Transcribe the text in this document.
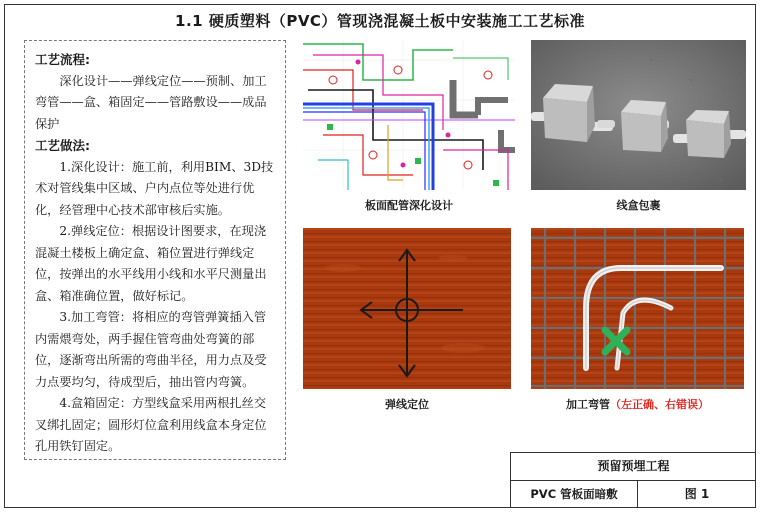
1.1 硬质塑料（PVC）管现浇混凝土板中安装施工工艺标准
工艺流程:

深化设计——弹线定位——预制、加工弯管——盒、箱固定——管路敷设——成品保护

工艺做法:

1.深化设计：施工前，利用BIM、3D技术对管线集中区域、户内点位等处进行优化，经管理中心技术部审核后实施。

2.弹线定位：根据设计图要求，在现浇混凝土楼板上确定盒、箱位置进行弹线定位，按弹出的水平线用小线和水平尺测量出盒、箱准确位置，做好标记。

3.加工弯管：将相应的弯管弹簧插入管内需煨弯处，两手握住管弯曲处弯簧的部位，逐渐弯出所需的弯曲半径，用力点及受力点要均匀，待成型后，抽出管内弯簧。

4.盒箱固定：方型线盒采用两根扎丝交叉绑扎固定；圆形灯位盒利用线盒本身定位孔用铁钉固定。

板面配管深化设计	线盒包裹
弹线定位	加工弯管（左正确、右错误）
预留预埋工程
PVC 管板面暗敷	图 1
